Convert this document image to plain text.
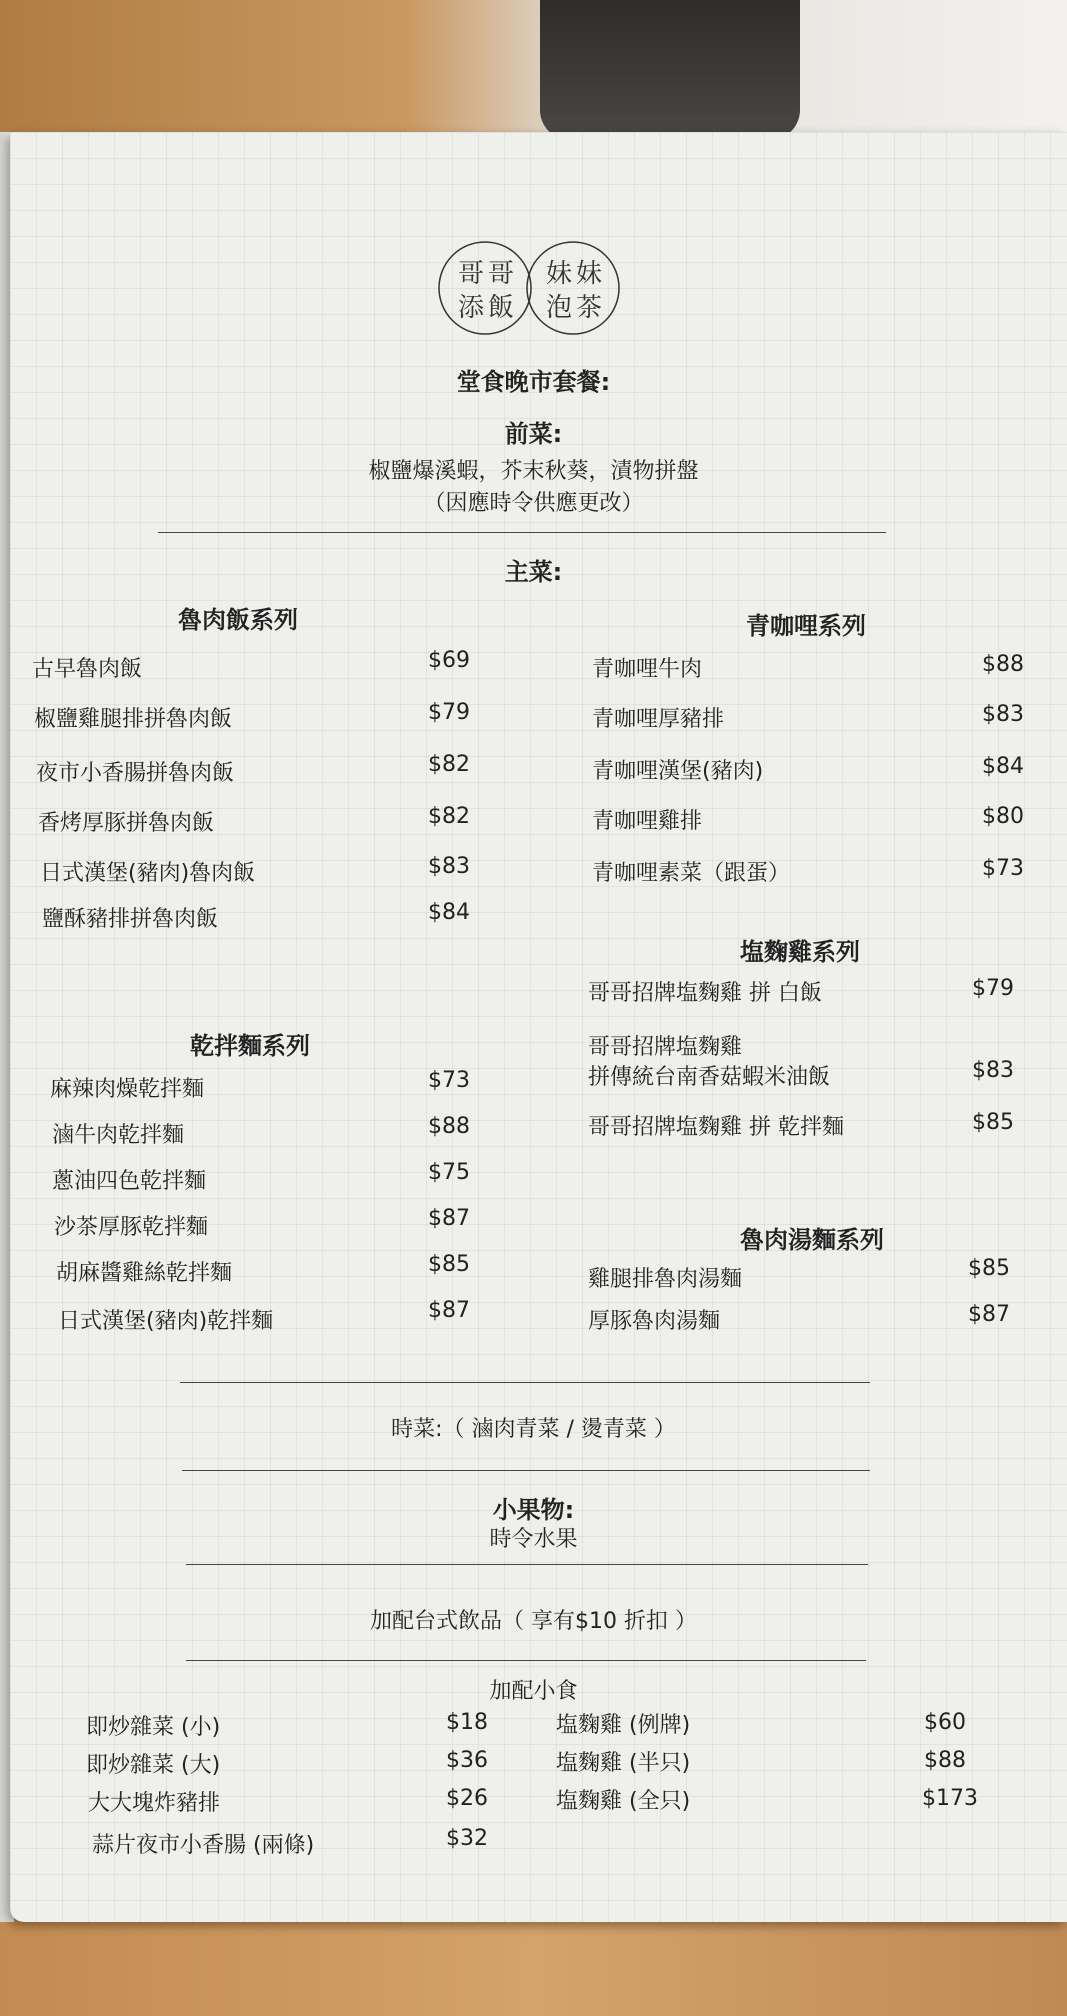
哥 哥
添 飯
妹 妹
泡 茶
堂食晚市套餐:
前菜:
椒鹽爆溪蝦，芥末秋葵，漬物拼盤
（因應時令供應更改）
主菜:
魯肉飯系列
古早魯肉飯	$69
椒鹽雞腿排拼魯肉飯	$79
夜市小香腸拼魯肉飯	$82
香烤厚豚拼魯肉飯	$82
日式漢堡(豬肉)魯肉飯	$83
鹽酥豬排拼魯肉飯	$84
青咖哩系列
青咖哩牛肉	$88
青咖哩厚豬排	$83
青咖哩漢堡(豬肉)	$84
青咖哩雞排	$80
青咖哩素菜（跟蛋）	$73
塩麴雞系列
哥哥招牌塩麴雞 拼 白飯	$79
哥哥招牌塩麴雞
拼傳統台南香菇蝦米油飯	$83
哥哥招牌塩麴雞 拼 乾拌麵	$85
乾拌麵系列
麻辣肉燥乾拌麵	$73
滷牛肉乾拌麵	$88
蔥油四色乾拌麵	$75
沙茶厚豚乾拌麵	$87
胡麻醬雞絲乾拌麵	$85
日式漢堡(豬肉)乾拌麵	$87
魯肉湯麵系列
雞腿排魯肉湯麵	$85
厚豚魯肉湯麵	$87
時菜:（ 滷肉青菜 / 燙青菜 ）
小果物:
時令水果
加配台式飲品（ 享有$10 折扣 ）
加配小食
即炒雜菜 (小)	$18
即炒雜菜 (大)	$36
大大塊炸豬排	$26
蒜片夜市小香腸 (兩條)	$32
塩麴雞 (例牌)	$60
塩麴雞 (半只)	$88
塩麴雞 (全只)	$173
